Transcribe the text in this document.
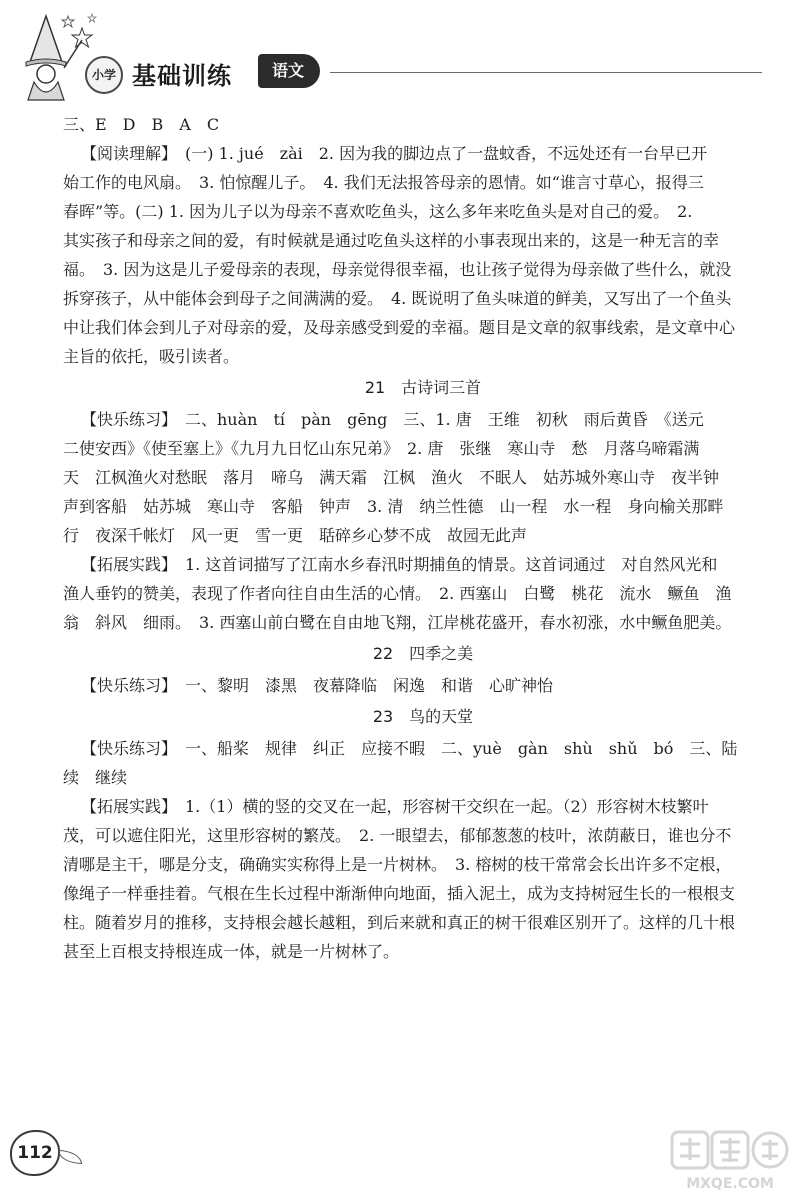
小学 基础训练	语文
三、E　D　B　A　C
【阅读理解】　(一) 1. jué　zài　2. 因为我的脚边点了一盘蚊香，不远处还有一台早已开
始工作的电风扇。　3. 怕惊醒儿子。　4. 我们无法报答母亲的恩情。如“谁言寸草心，报得三
春晖”等。(二) 1. 因为儿子以为母亲不喜欢吃鱼头，这么多年来吃鱼头是对自己的爱。　2.
其实孩子和母亲之间的爱，有时候就是通过吃鱼头这样的小事表现出来的，这是一种无言的幸
福。　3. 因为这是儿子爱母亲的表现，母亲觉得很幸福，也让孩子觉得为母亲做了些什么，就没
拆穿孩子，从中能体会到母子之间满满的爱。　4. 既说明了鱼头味道的鲜美，又写出了一个鱼头
中让我们体会到儿子对母亲的爱，及母亲感受到爱的幸福。题目是文章的叙事线索，是文章中心
主旨的依托，吸引读者。
21　古诗词三首
【快乐练习】　二、huàn　tí　pàn　gēng　三、1. 唐　王维　初秋　雨后黄昏　《送元
二使安西》《使至塞上》《九月九日忆山东兄弟》　2. 唐　张继　寒山寺　愁　月落乌啼霜满
天　江枫渔火对愁眠　落月　啼乌　满天霜　江枫　渔火　不眠人　姑苏城外寒山寺　夜半钟
声到客船　姑苏城　寒山寺　客船　钟声　3. 清　纳兰性德　山一程　水一程　身向榆关那畔
行　夜深千帐灯　风一更　雪一更　聒碎乡心梦不成　故园无此声
【拓展实践】　1. 这首词描写了江南水乡春汛时期捕鱼的情景。这首词通过　对自然风光和
渔人垂钓的赞美，表现了作者向往自由生活的心情。　2. 西塞山　白鹭　桃花　流水　鳜鱼　渔
翁　斜风　细雨。　3. 西塞山前白鹭在自由地飞翔，江岸桃花盛开，春水初涨，水中鳜鱼肥美。
22　四季之美
【快乐练习】　一、黎明　漆黑　夜幕降临　闲逸　和谐　心旷神怡
23　鸟的天堂
【快乐练习】　一、船桨　规律　纠正　应接不暇　二、yuè　gàn　shù　shǔ　bó　三、陆
续　继续
【拓展实践】　1.（1）横的竖的交叉在一起，形容树干交织在一起。（2）形容树木枝繁叶
茂，可以遮住阳光，这里形容树的繁茂。　2. 一眼望去，郁郁葱葱的枝叶，浓荫蔽日，谁也分不
清哪是主干，哪是分支，确确实实称得上是一片树林。　3. 榕树的枝干常常会长出许多不定根，
像绳子一样垂挂着。气根在生长过程中渐渐伸向地面，插入泥土，成为支持树冠生长的一根根支
柱。随着岁月的推移，支持根会越长越粗，到后来就和真正的树干很难区别开了。这样的几十根
甚至上百根支持根连成一体，就是一片树林了。
112
MXQE.COM
